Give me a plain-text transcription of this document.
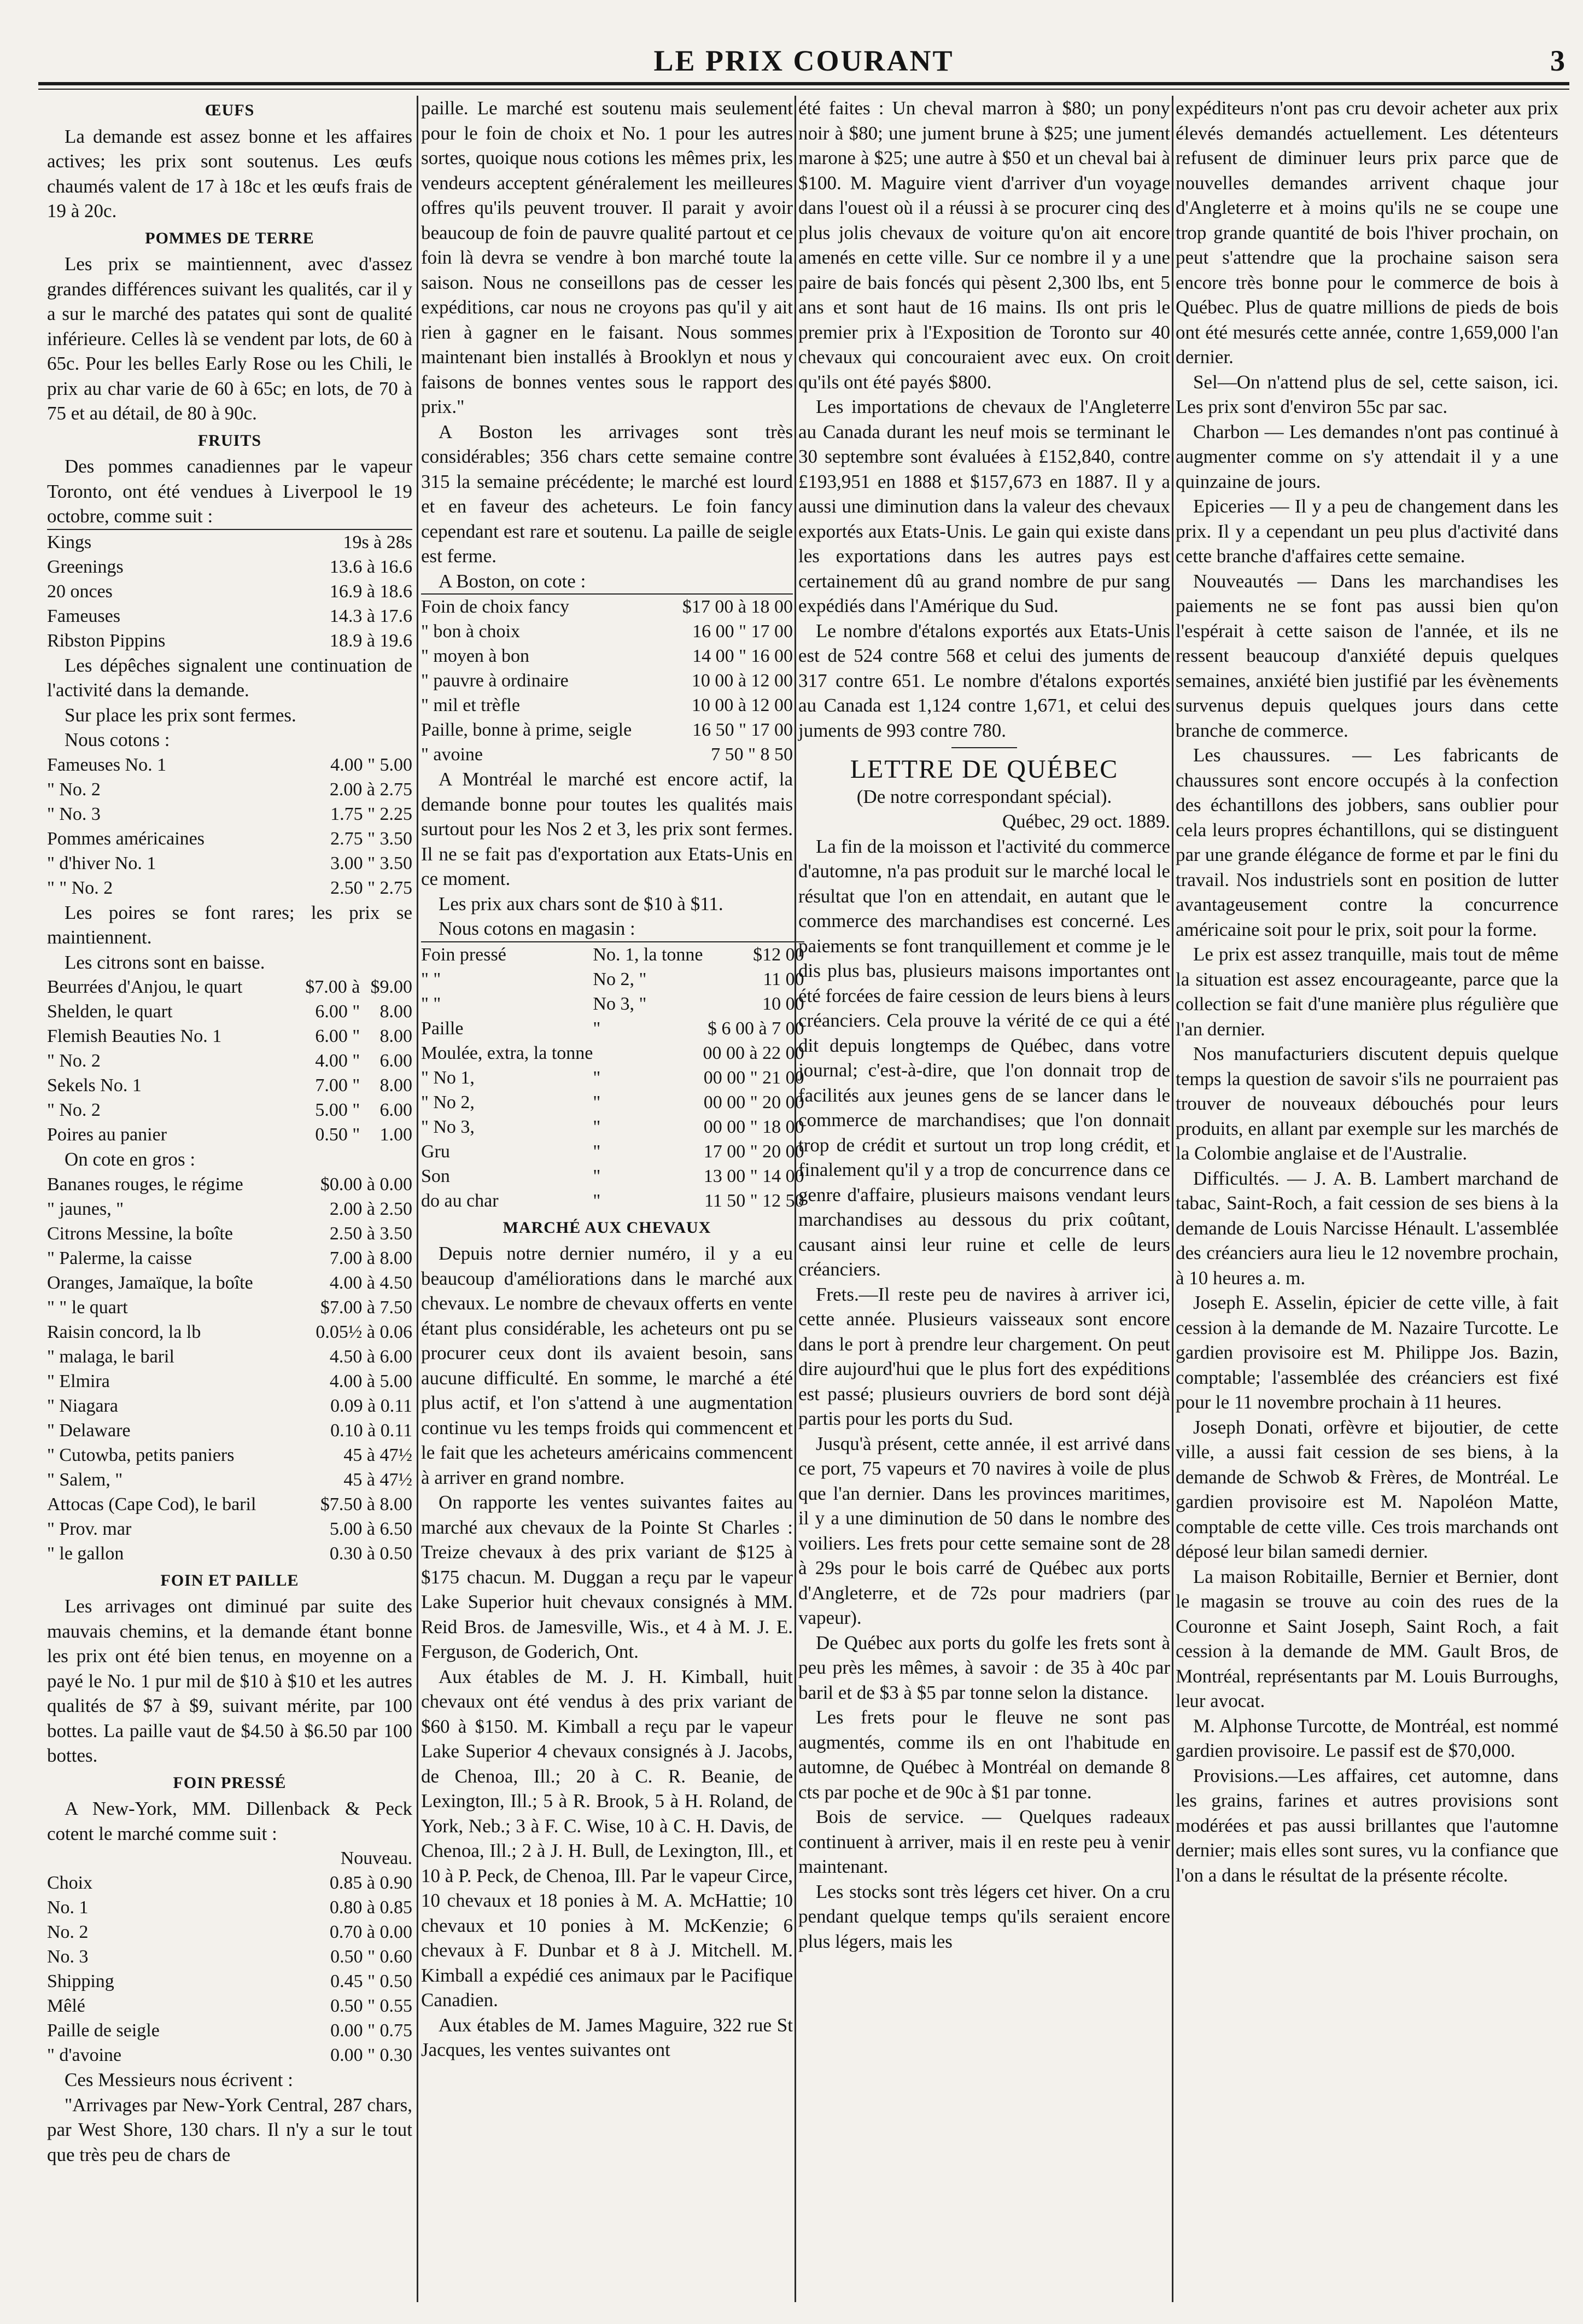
LE PRIX COURANT	3
ŒUFS

La demande est assez bonne et les affaires actives; les prix sont soutenus. Les œufs chaumés valent de 17 à 18c et les œufs frais de 19 à 20c.

POMMES DE TERRE

Les prix se maintiennent, avec d'assez grandes différences suivant les qualités, car il y a sur le marché des patates qui sont de qualité inférieure. Celles là se vendent par lots, de 60 à 65c. Pour les belles Early Rose ou les Chili, le prix au char varie de 60 à 65c; en lots, de 70 à 75 et au détail, de 80 à 90c.

FRUITS

Des pommes canadiennes par le vapeur Toronto, ont été vendues à Liverpool le 19 octobre, comme suit :

Kings	19s à 28s
Greenings	13.6 à 16.6
20 onces	16.9 à 18.6
Fameuses	14.3 à 17.6
Ribston Pippins	18.9 à 19.6

Les dépêches signalent une continuation de l'activité dans la demande.

Sur place les prix sont fermes.

Nous cotons :

Fameuses No. 1	4.00 " 5.00
" No. 2	2.00 à 2.75
" No. 3	1.75 " 2.25
Pommes américaines	2.75 " 3.50
" d'hiver No. 1	3.00 " 3.50
" " No. 2	2.50 " 2.75

Les poires se font rares; les prix se maintiennent.

Les citrons sont en baisse.

Beurrées d'Anjou, le quart	$7.00 à	$9.00
Shelden, le quart	6.00 "	8.00
Flemish Beauties No. 1	6.00 "	8.00
" No. 2	4.00 "	6.00
Sekels No. 1	7.00 "	8.00
" No. 2	5.00 "	6.00
Poires au panier	0.50 "	1.00

On cote en gros :

Bananes rouges, le régime	$0.00 à 0.00
" jaunes, "	2.00 à 2.50
Citrons Messine, la boîte	2.50 à 3.50
" Palerme, la caisse	7.00 à 8.00
Oranges, Jamaïque, la boîte	4.00 à 4.50
" " le quart	$7.00 à 7.50
Raisin concord, la lb	0.05½ à 0.06
" malaga, le baril	4.50 à 6.00
" Elmira	4.00 à 5.00
" Niagara	0.09 à 0.11
" Delaware	0.10 à 0.11
" Cutowba, petits paniers	45 à 47½
" Salem, "	45 à 47½
Attocas (Cape Cod), le baril	$7.50 à 8.00
" Prov. mar	5.00 à 6.50
" le gallon	0.30 à 0.50
FOIN ET PAILLE

Les arrivages ont diminué par suite des mauvais chemins, et la demande étant bonne les prix ont été bien tenus, en moyenne on a payé le No. 1 pur mil de $10 à $10 et les autres qualités de $7 à $9, suivant mérite, par 100 bottes. La paille vaut de $4.50 à $6.50 par 100 bottes.

FOIN PRESSÉ

A New-York, MM. Dillenback & Peck cotent le marché comme suit :

	Nouveau.
Choix	0.85 à 0.90
No. 1	0.80 à 0.85
No. 2	0.70 à 0.00
No. 3	0.50 " 0.60
Shipping	0.45 " 0.50
Mêlé	0.50 " 0.55
Paille de seigle	0.00 " 0.75
" d'avoine	0.00 " 0.30

Ces Messieurs nous écrivent :

"Arrivages par New-York Central, 287 chars, par West Shore, 130 chars. Il n'y a sur le tout que très peu de chars de

paille. Le marché est soutenu mais seulement pour le foin de choix et No. 1 pour les autres sortes, quoique nous cotions les mêmes prix, les vendeurs acceptent généralement les meilleures offres qu'ils peuvent trouver. Il parait y avoir beaucoup de foin de pauvre qualité partout et ce foin là devra se vendre à bon marché toute la saison. Nous ne conseillons pas de cesser les expéditions, car nous ne croyons pas qu'il y ait rien à gagner en le faisant. Nous sommes maintenant bien installés à Brooklyn et nous y faisons de bonnes ventes sous le rapport des prix."

A Boston les arrivages sont très considérables; 356 chars cette semaine contre 315 la semaine précédente; le marché est lourd et en faveur des acheteurs. Le foin fancy cependant est rare et soutenu. La paille de seigle est ferme.

A Boston, on cote :

Foin de choix fancy	$17 00 à 18 00
" bon à choix	16 00 " 17 00
" moyen à bon	14 00 " 16 00
" pauvre à ordinaire	10 00 à 12 00
" mil et trèfle	10 00 à 12 00
Paille, bonne à prime, seigle	16 50 " 17 00
" avoine	7 50 " 8 50

A Montréal le marché est encore actif, la demande bonne pour toutes les qualités mais surtout pour les Nos 2 et 3, les prix sont fermes. Il ne se fait pas d'exportation aux Etats-Unis en ce moment.

Les prix aux chars sont de $10 à $11.

Nous cotons en magasin :

Foin pressé	No. 1, la tonne	$12 00
" "	No 2, "	11 00
" "	No 3, "	10 00
Paille	"	$ 6 00 à 7 00
Moulée, extra, la tonne		00 00 à 22 00
" No 1,	"	00 00 " 21 00
" No 2,	"	00 00 " 20 00
" No 3,	"	00 00 " 18 00
Gru	"	17 00 " 20 00
Son	"	13 00 " 14 00
do au char	"	11 50 " 12 50
MARCHÉ AUX CHEVAUX

Depuis notre dernier numéro, il y a eu beaucoup d'améliorations dans le marché aux chevaux. Le nombre de chevaux offerts en vente étant plus considérable, les acheteurs ont pu se procurer ceux dont ils avaient besoin, sans aucune difficulté. En somme, le marché a été plus actif, et l'on s'attend à une augmentation continue vu les temps froids qui commencent et le fait que les acheteurs américains commencent à arriver en grand nombre.

On rapporte les ventes suivantes faites au marché aux chevaux de la Pointe St Charles : Treize chevaux à des prix variant de $125 à $175 chacun. M. Duggan a reçu par le vapeur Lake Superior huit chevaux consignés à MM. Reid Bros. de Jamesville, Wis., et 4 à M. J. E. Ferguson, de Goderich, Ont.

Aux étables de M. J. H. Kimball, huit chevaux ont été vendus à des prix variant de $60 à $150. M. Kimball a reçu par le vapeur Lake Superior 4 chevaux consignés à J. Jacobs, de Chenoa, Ill.; 20 à C. R. Beanie, de Lexington, Ill.; 5 à R. Brook, 5 à H. Roland, de York, Neb.; 3 à F. C. Wise, 10 à C. H. Davis, de Chenoa, Ill.; 2 à J. H. Bull, de Lexington, Ill., et 10 à P. Peck, de Chenoa, Ill. Par le vapeur Circe, 10 chevaux et 18 ponies à M. A. McHattie; 10 chevaux et 10 ponies à M. McKenzie; 6 chevaux à F. Dunbar et 8 à J. Mitchell. M. Kimball a expédié ces animaux par le Pacifique Canadien.

Aux étables de M. James Maguire, 322 rue St Jacques, les ventes suivantes ont

été faites : Un cheval marron à $80; un pony noir à $80; une jument brune à $25; une jument marone à $25; une autre à $50 et un cheval bai à $100. M. Maguire vient d'arriver d'un voyage dans l'ouest où il a réussi à se procurer cinq des plus jolis chevaux de voiture qu'on ait encore amenés en cette ville. Sur ce nombre il y a une paire de bais foncés qui pèsent 2,300 lbs, ent 5 ans et sont haut de 16 mains. Ils ont pris le premier prix à l'Exposition de Toronto sur 40 chevaux qui concouraient avec eux. On croit qu'ils ont été payés $800.

Les importations de chevaux de l'Angleterre au Canada durant les neuf mois se terminant le 30 septembre sont évaluées à £152,840, contre £193,951 en 1888 et $157,673 en 1887. Il y a aussi une diminution dans la valeur des chevaux exportés aux Etats-Unis. Le gain qui existe dans les exportations dans les autres pays est certainement dû au grand nombre de pur sang expédiés dans l'Amérique du Sud.

Le nombre d'étalons exportés aux Etats-Unis est de 524 contre 568 et celui des juments de 317 contre 651. Le nombre d'étalons exportés au Canada est 1,124 contre 1,671, et celui des juments de 993 contre 780.

LETTRE DE QUÉBEC

(De notre correspondant spécial).

Québec, 29 oct. 1889.

La fin de la moisson et l'activité du commerce d'automne, n'a pas produit sur le marché local le résultat que l'on en attendait, en autant que le commerce des marchandises est concerné. Les paiements se font tranquillement et comme je le dis plus bas, plusieurs maisons importantes ont été forcées de faire cession de leurs biens à leurs créanciers. Cela prouve la vérité de ce qui a été dit depuis longtemps de Québec, dans votre journal; c'est-à-dire, que l'on donnait trop de facilités aux jeunes gens de se lancer dans le commerce de marchandises; que l'on donnait trop de crédit et surtout un trop long crédit, et finalement qu'il y a trop de concurrence dans ce genre d'affaire, plusieurs maisons vendant leurs marchandises au dessous du prix coûtant, causant ainsi leur ruine et celle de leurs créanciers.

Frets.—Il reste peu de navires à arriver ici, cette année. Plusieurs vaisseaux sont encore dans le port à prendre leur chargement. On peut dire aujourd'hui que le plus fort des expéditions est passé; plusieurs ouvriers de bord sont déjà partis pour les ports du Sud.

Jusqu'à présent, cette année, il est arrivé dans ce port, 75 vapeurs et 70 navires à voile de plus que l'an dernier. Dans les provinces maritimes, il y a une diminution de 50 dans le nombre des voiliers. Les frets pour cette semaine sont de 28 à 29s pour le bois carré de Québec aux ports d'Angleterre, et de 72s pour madriers (par vapeur).

De Québec aux ports du golfe les frets sont à peu près les mêmes, à savoir : de 35 à 40c par baril et de $3 à $5 par tonne selon la distance.

Les frets pour le fleuve ne sont pas augmentés, comme ils en ont l'habitude en automne, de Québec à Montréal on demande 8 cts par poche et de 90c à $1 par tonne.

Bois de service. — Quelques radeaux continuent à arriver, mais il en reste peu à venir maintenant.

Les stocks sont très légers cet hiver. On a cru pendant quelque temps qu'ils seraient encore plus légers, mais les

expéditeurs n'ont pas cru devoir acheter aux prix élevés demandés actuellement. Les détenteurs refusent de diminuer leurs prix parce que de nouvelles demandes arrivent chaque jour d'Angleterre et à moins qu'ils ne se coupe une trop grande quantité de bois l'hiver prochain, on peut s'attendre que la prochaine saison sera encore très bonne pour le commerce de bois à Québec. Plus de quatre millions de pieds de bois ont été mesurés cette année, contre 1,659,000 l'an dernier.

Sel—On n'attend plus de sel, cette saison, ici. Les prix sont d'environ 55c par sac.

Charbon — Les demandes n'ont pas continué à augmenter comme on s'y attendait il y a une quinzaine de jours.

Epiceries — Il y a peu de changement dans les prix. Il y a cependant un peu plus d'activité dans cette branche d'affaires cette semaine.

Nouveautés — Dans les marchandises les paiements ne se font pas aussi bien qu'on l'espérait à cette saison de l'année, et ils ne ressent beaucoup d'anxiété depuis quelques semaines, anxiété bien justifié par les évènements survenus depuis quelques jours dans cette branche de commerce.

Les chaussures. — Les fabricants de chaussures sont encore occupés à la confection des échantillons des jobbers, sans oublier pour cela leurs propres échantillons, qui se distinguent par une grande élégance de forme et par le fini du travail. Nos industriels sont en position de lutter avantageusement contre la concurrence américaine soit pour le prix, soit pour la forme.

Le prix est assez tranquille, mais tout de même la situation est assez encourageante, parce que la collection se fait d'une manière plus régulière que l'an dernier.

Nos manufacturiers discutent depuis quelque temps la question de savoir s'ils ne pourraient pas trouver de nouveaux débouchés pour leurs produits, en allant par exemple sur les marchés de la Colombie anglaise et de l'Australie.

Difficultés. — J. A. B. Lambert marchand de tabac, Saint-Roch, a fait cession de ses biens à la demande de Louis Narcisse Hénault. L'assemblée des créanciers aura lieu le 12 novembre prochain, à 10 heures a. m.

Joseph E. Asselin, épicier de cette ville, à fait cession à la demande de M. Nazaire Turcotte. Le gardien provisoire est M. Philippe Jos. Bazin, comptable; l'assemblée des créanciers est fixé pour le 11 novembre prochain à 11 heures.

Joseph Donati, orfèvre et bijoutier, de cette ville, a aussi fait cession de ses biens, à la demande de Schwob & Frères, de Montréal. Le gardien provisoire est M. Napoléon Matte, comptable de cette ville. Ces trois marchands ont déposé leur bilan samedi dernier.

La maison Robitaille, Bernier et Bernier, dont le magasin se trouve au coin des rues de la Couronne et Saint Joseph, Saint Roch, a fait cession à la demande de MM. Gault Bros, de Montréal, représentants par M. Louis Burroughs, leur avocat.

M. Alphonse Turcotte, de Montréal, est nommé gardien provisoire. Le passif est de $70,000.

Provisions.—Les affaires, cet automne, dans les grains, farines et autres provisions sont modérées et pas aussi brillantes que l'automne dernier; mais elles sont sures, vu la confiance que l'on a dans le résultat de la présente récolte.
